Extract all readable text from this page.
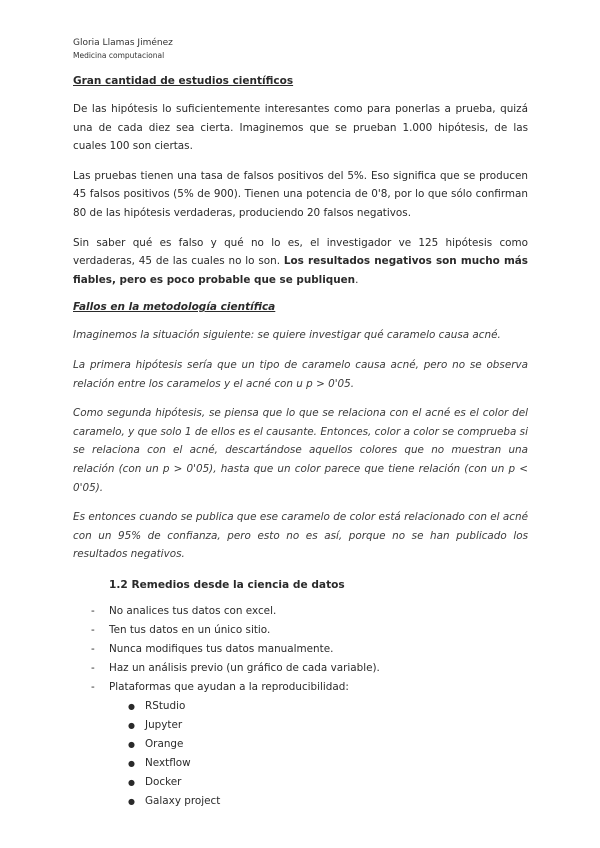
Gloria Llamas Jiménez
Medicina computacional
Gran cantidad de estudios científicos

De las hipótesis lo suficientemente interesantes como para ponerlas a prueba, quizá una de cada diez sea cierta. Imaginemos que se prueban 1.000 hipótesis, de las cuales 100 son ciertas.

Las pruebas tienen una tasa de falsos positivos del 5%. Eso significa que se producen 45 falsos positivos (5% de 900). Tienen una potencia de 0'8, por lo que sólo confirman 80 de las hipótesis verdaderas, produciendo 20 falsos negativos.

Sin saber qué es falso y qué no lo es, el investigador ve 125 hipótesis como verdaderas, 45 de las cuales no lo son. Los resultados negativos son mucho más fiables, pero es poco probable que se publiquen.

Fallos en la metodología científica

Imaginemos la situación siguiente: se quiere investigar qué caramelo causa acné.

La primera hipótesis sería que un tipo de caramelo causa acné, pero no se observa relación entre los caramelos y el acné con u p > 0'05.

Como segunda hipótesis, se piensa que lo que se relaciona con el acné es el color del caramelo, y que solo 1 de ellos es el causante. Entonces, color a color se comprueba si se relaciona con el acné, descartándose aquellos colores que no muestran una relación (con un p > 0'05), hasta que un color parece que tiene relación (con un p < 0'05).

Es entonces cuando se publica que ese caramelo de color está relacionado con el acné con un 95% de confianza, pero esto no es así, porque no se han publicado los resultados negativos.

1.2 Remedios desde la ciencia de datos
- No analices tus datos con excel.
- Ten tus datos en un único sitio.
- Nunca modifiques tus datos manualmente.
- Haz un análisis previo (un gráfico de cada variable).
- Plataformas que ayudan a la reproducibilidad:
● RStudio
● Jupyter
● Orange
● Nextflow
● Docker
● Galaxy project
